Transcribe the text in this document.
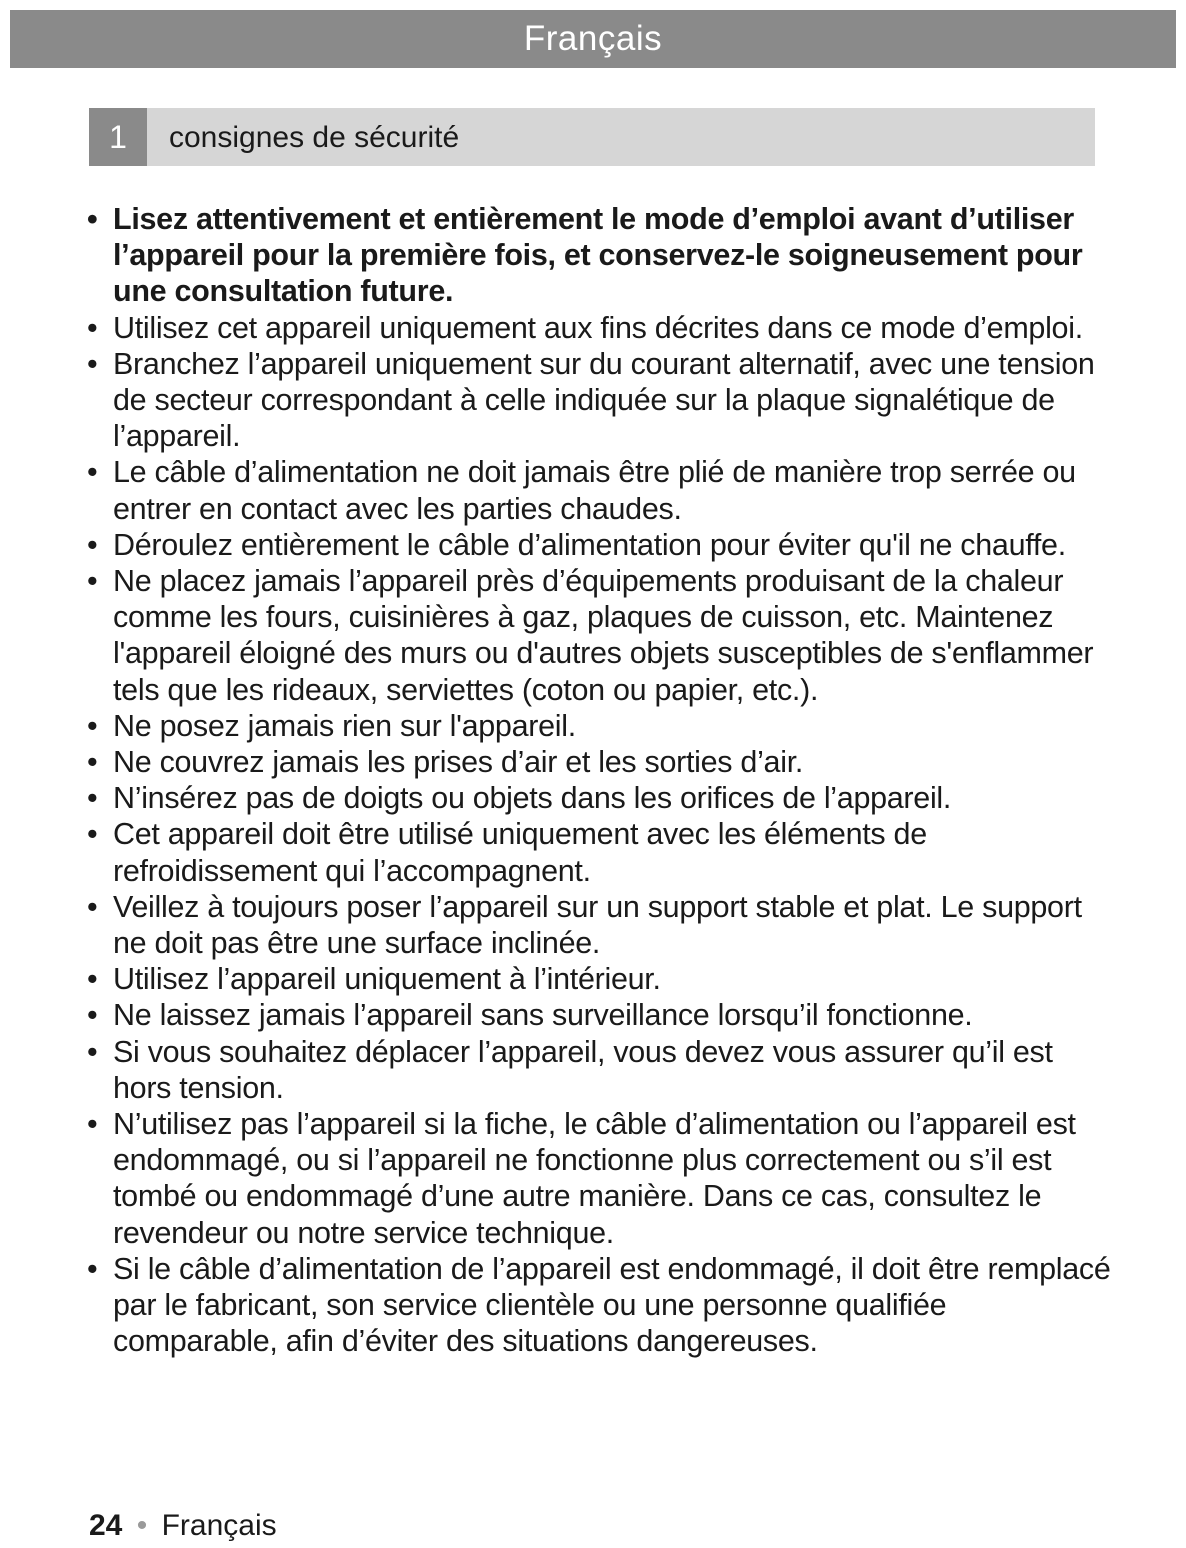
Français
1	consignes de sécurité
• Lisez attentivement et entièrement le mode d’emploi avant d’utiliser l’appareil pour la première fois, et conservez-le soigneusement pour une consultation future.
• Utilisez cet appareil uniquement aux fins décrites dans ce mode d’emploi.
• Branchez l’appareil uniquement sur du courant alternatif, avec une tension de secteur correspondant à celle indiquée sur la plaque signalétique de l’appareil.
• Le câble d’alimentation ne doit jamais être plié de manière trop serrée ou entrer en contact avec les parties chaudes.
• Déroulez entièrement le câble d’alimentation pour éviter qu'il ne chauffe.
• Ne placez jamais l’appareil près d’équipements produisant de la chaleur comme les fours, cuisinières à gaz, plaques de cuisson, etc. Maintenez l'appareil éloigné des murs ou d'autres objets susceptibles de s'enflammer tels que les rideaux, serviettes (coton ou papier, etc.).
• Ne posez jamais rien sur l'appareil.
• Ne couvrez jamais les prises d’air et les sorties d’air.
• N’insérez pas de doigts ou objets dans les orifices de l’appareil.
• Cet appareil doit être utilisé uniquement avec les éléments de refroidissement qui l’accompagnent.
• Veillez à toujours poser l’appareil sur un support stable et plat. Le support ne doit pas être une surface inclinée.
• Utilisez l’appareil uniquement à l’intérieur.
• Ne laissez jamais l’appareil sans surveillance lorsqu’il fonctionne.
• Si vous souhaitez déplacer l’appareil, vous devez vous assurer qu’il est hors tension.
• N’utilisez pas l’appareil si la fiche, le câble d’alimentation ou l’appareil est endommagé, ou si l’appareil ne fonctionne plus correctement ou s’il est tombé ou endommagé d’une autre manière. Dans ce cas, consultez le revendeur ou notre service technique.
• Si le câble d’alimentation de l’appareil est endommagé, il doit être remplacé par le fabricant, son service clientèle ou une personne qualifiée comparable, afin d’éviter des situations dangereuses.
24 • Français
